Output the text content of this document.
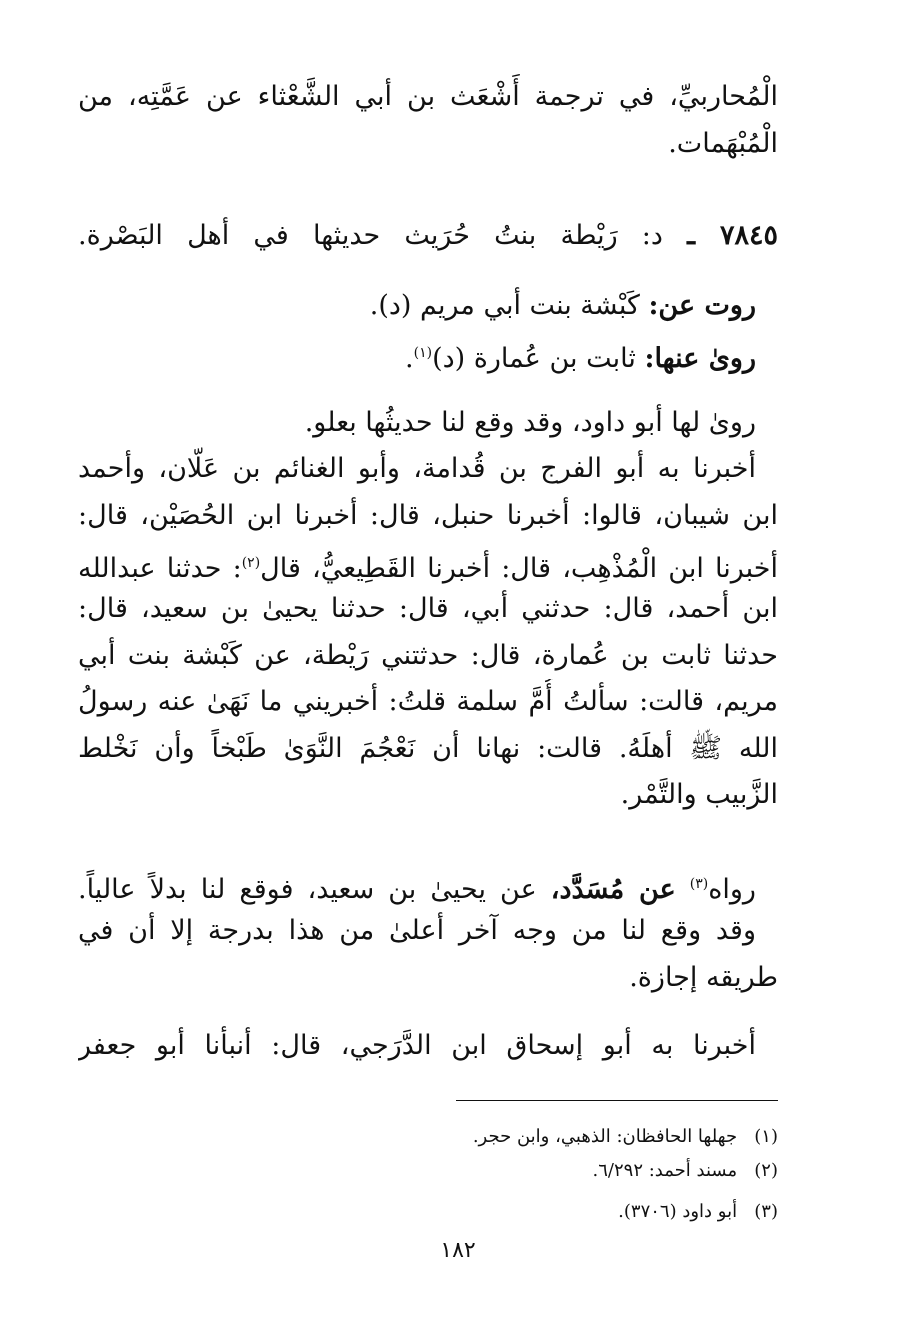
الْمُحاربيِّ، في ترجمة أَشْعَث بن أبي الشَّعْثاء عن عَمَّتِه، من
الْمُبْهَمات.
٧٨٤٥ ـ د: رَيْطة بنتُ حُرَيث حديثها في أهل البَصْرة.
روت عن: كَبْشة بنت أبي مريم (د).
روىٰ عنها: ثابت بن عُمارة (د)$^{(١)}$.
روىٰ لها أبو داود، وقد وقع لنا حديثُها بعلو.
أخبرنا به أبو الفرج بن قُدامة، وأبو الغنائم بن عَلّان، وأحمد
ابن شيبان، قالوا: أخبرنا حنبل، قال: أخبرنا ابن الحُصَيْن، قال:
أخبرنا ابن الْمُذْهِب، قال: أخبرنا القَطِيعيُّ، قال$^{(٢)}$: حدثنا عبدالله
ابن أحمد، قال: حدثني أبي، قال: حدثنا يحيىٰ بن سعيد، قال:
حدثنا ثابت بن عُمارة، قال: حدثتني رَيْطة، عن كَبْشة بنت أبي
مريم، قالت: سألتُ أُمَّ سلمة قلتُ: أخبريني ما نَهَىٰ عنه رسولُ
الله ﷺ أهلَهُ. قالت: نهانا أن نَعْجُمَ النَّوَىٰ طَبْخاً وأن نَخْلط
الزَّبيب والتَّمْر.
رواه$^{(٣)}$ عن مُسَدَّد، عن يحيىٰ بن سعيد، فوقع لنا بدلاً عالياً.
وقد وقع لنا من وجه آخر أعلىٰ من هذا بدرجة إلا أن في
طريقه إجازة.
أخبرنا به أبو إسحاق ابن الدَّرَجي، قال: أنبأنا أبو جعفر
(١)   جهلها الحافظان: الذهبي، وابن حجر.
(٢)   مسند أحمد: ٦/٢٩٢.
(٣)   أبو داود (٣٧٠٦).
١٨٢
